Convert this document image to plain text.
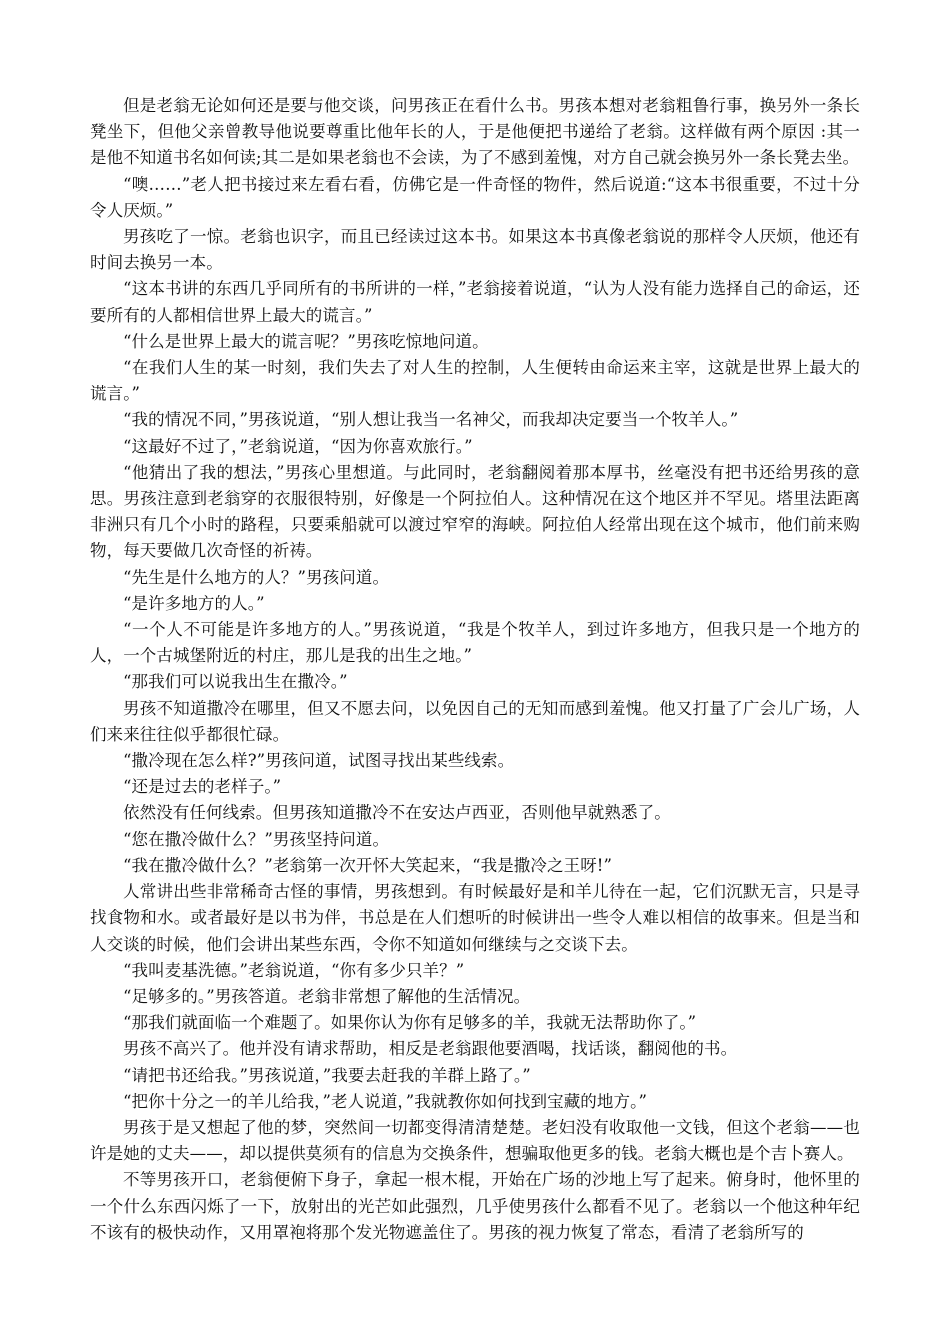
但是老翁无论如何还是要与他交谈，问男孩正在看什么书。男孩本想对老翁粗鲁行事，换另外一条长凳坐下，但他父亲曾教导他说要尊重比他年长的人，于是他便把书递给了老翁。这样做有两个原因 :其一是他不知道书名如何读;其二是如果老翁也不会读，为了不感到羞愧，对方自己就会换另外一条长凳去坐。

“噢……”老人把书接过来左看右看，仿佛它是一件奇怪的物件，然后说道:“这本书很重要，不过十分令人厌烦。”

男孩吃了一惊。老翁也识字，而且已经读过这本书。如果这本书真像老翁说的那样令人厌烦，他还有时间去换另一本。

“这本书讲的东西几乎同所有的书所讲的一样，”老翁接着说道，“认为人没有能力选择自己的命运，还要所有的人都相信世界上最大的谎言。”

“什么是世界上最大的谎言呢？”男孩吃惊地问道。

“在我们人生的某一时刻，我们失去了对人生的控制，人生便转由命运来主宰，这就是世界上最大的谎言。”

“我的情况不同，”男孩说道，“别人想让我当一名神父，而我却决定要当一个牧羊人。”

“这最好不过了，”老翁说道，“因为你喜欢旅行。”

“他猜出了我的想法，”男孩心里想道。与此同时，老翁翻阅着那本厚书，丝毫没有把书还给男孩的意思。男孩注意到老翁穿的衣服很特别，好像是一个阿拉伯人。这种情况在这个地区并不罕见。塔里法距离非洲只有几个小时的路程，只要乘船就可以渡过窄窄的海峡。阿拉伯人经常出现在这个城市，他们前来购物，每天要做几次奇怪的祈祷。

“先生是什么地方的人？”男孩问道。

“是许多地方的人。”

“一个人不可能是许多地方的人。”男孩说道，“我是个牧羊人，到过许多地方，但我只是一个地方的人，一个古城堡附近的村庄，那儿是我的出生之地。”

“那我们可以说我出生在撒冷。”

男孩不知道撒冷在哪里，但又不愿去问，以免因自己的无知而感到羞愧。他又打量了广会儿广场，人们来来往往似乎都很忙碌。

“撒冷现在怎么样?”男孩问道，试图寻找出某些线索。

“还是过去的老样子。”

依然没有任何线索。但男孩知道撒冷不在安达卢西亚，否则他早就熟悉了。

“您在撒冷做什么？”男孩坚持问道。

“我在撒冷做什么？”老翁第一次开怀大笑起来，“我是撒冷之王呀!”

人常讲出些非常稀奇古怪的事情，男孩想到。有时候最好是和羊儿待在一起，它们沉默无言，只是寻找食物和水。或者最好是以书为伴，书总是在人们想听的时候讲出一些令人难以相信的故事来。但是当和人交谈的时候，他们会讲出某些东西，令你不知道如何继续与之交谈下去。

“我叫麦基洗德。”老翁说道，“你有多少只羊？”

“足够多的。”男孩答道。老翁非常想了解他的生活情况。

“那我们就面临一个难题了。如果你认为你有足够多的羊，我就无法帮助你了。”

男孩不高兴了。他并没有请求帮助，相反是老翁跟他要酒喝，找话谈，翻阅他的书。

“请把书还给我。”男孩说道，”我要去赶我的羊群上路了。”

“把你十分之一的羊儿给我，”老人说道，”我就教你如何找到宝藏的地方。”

男孩于是又想起了他的梦，突然间一切都变得清清楚楚。老妇没有收取他一文钱，但这个老翁——也许是她的丈夫——，却以提供莫须有的信息为交换条件，想骗取他更多的钱。老翁大概也是个吉卜赛人。

不等男孩开口，老翁便俯下身子，拿起一根木棍，开始在广场的沙地上写了起来。俯身时，他怀里的一个什么东西闪烁了一下，放射出的光芒如此强烈，几乎使男孩什么都看不见了。老翁以一个他这种年纪不该有的极快动作，又用罩袍将那个发光物遮盖住了。男孩的视力恢复了常态，看清了老翁所写的
